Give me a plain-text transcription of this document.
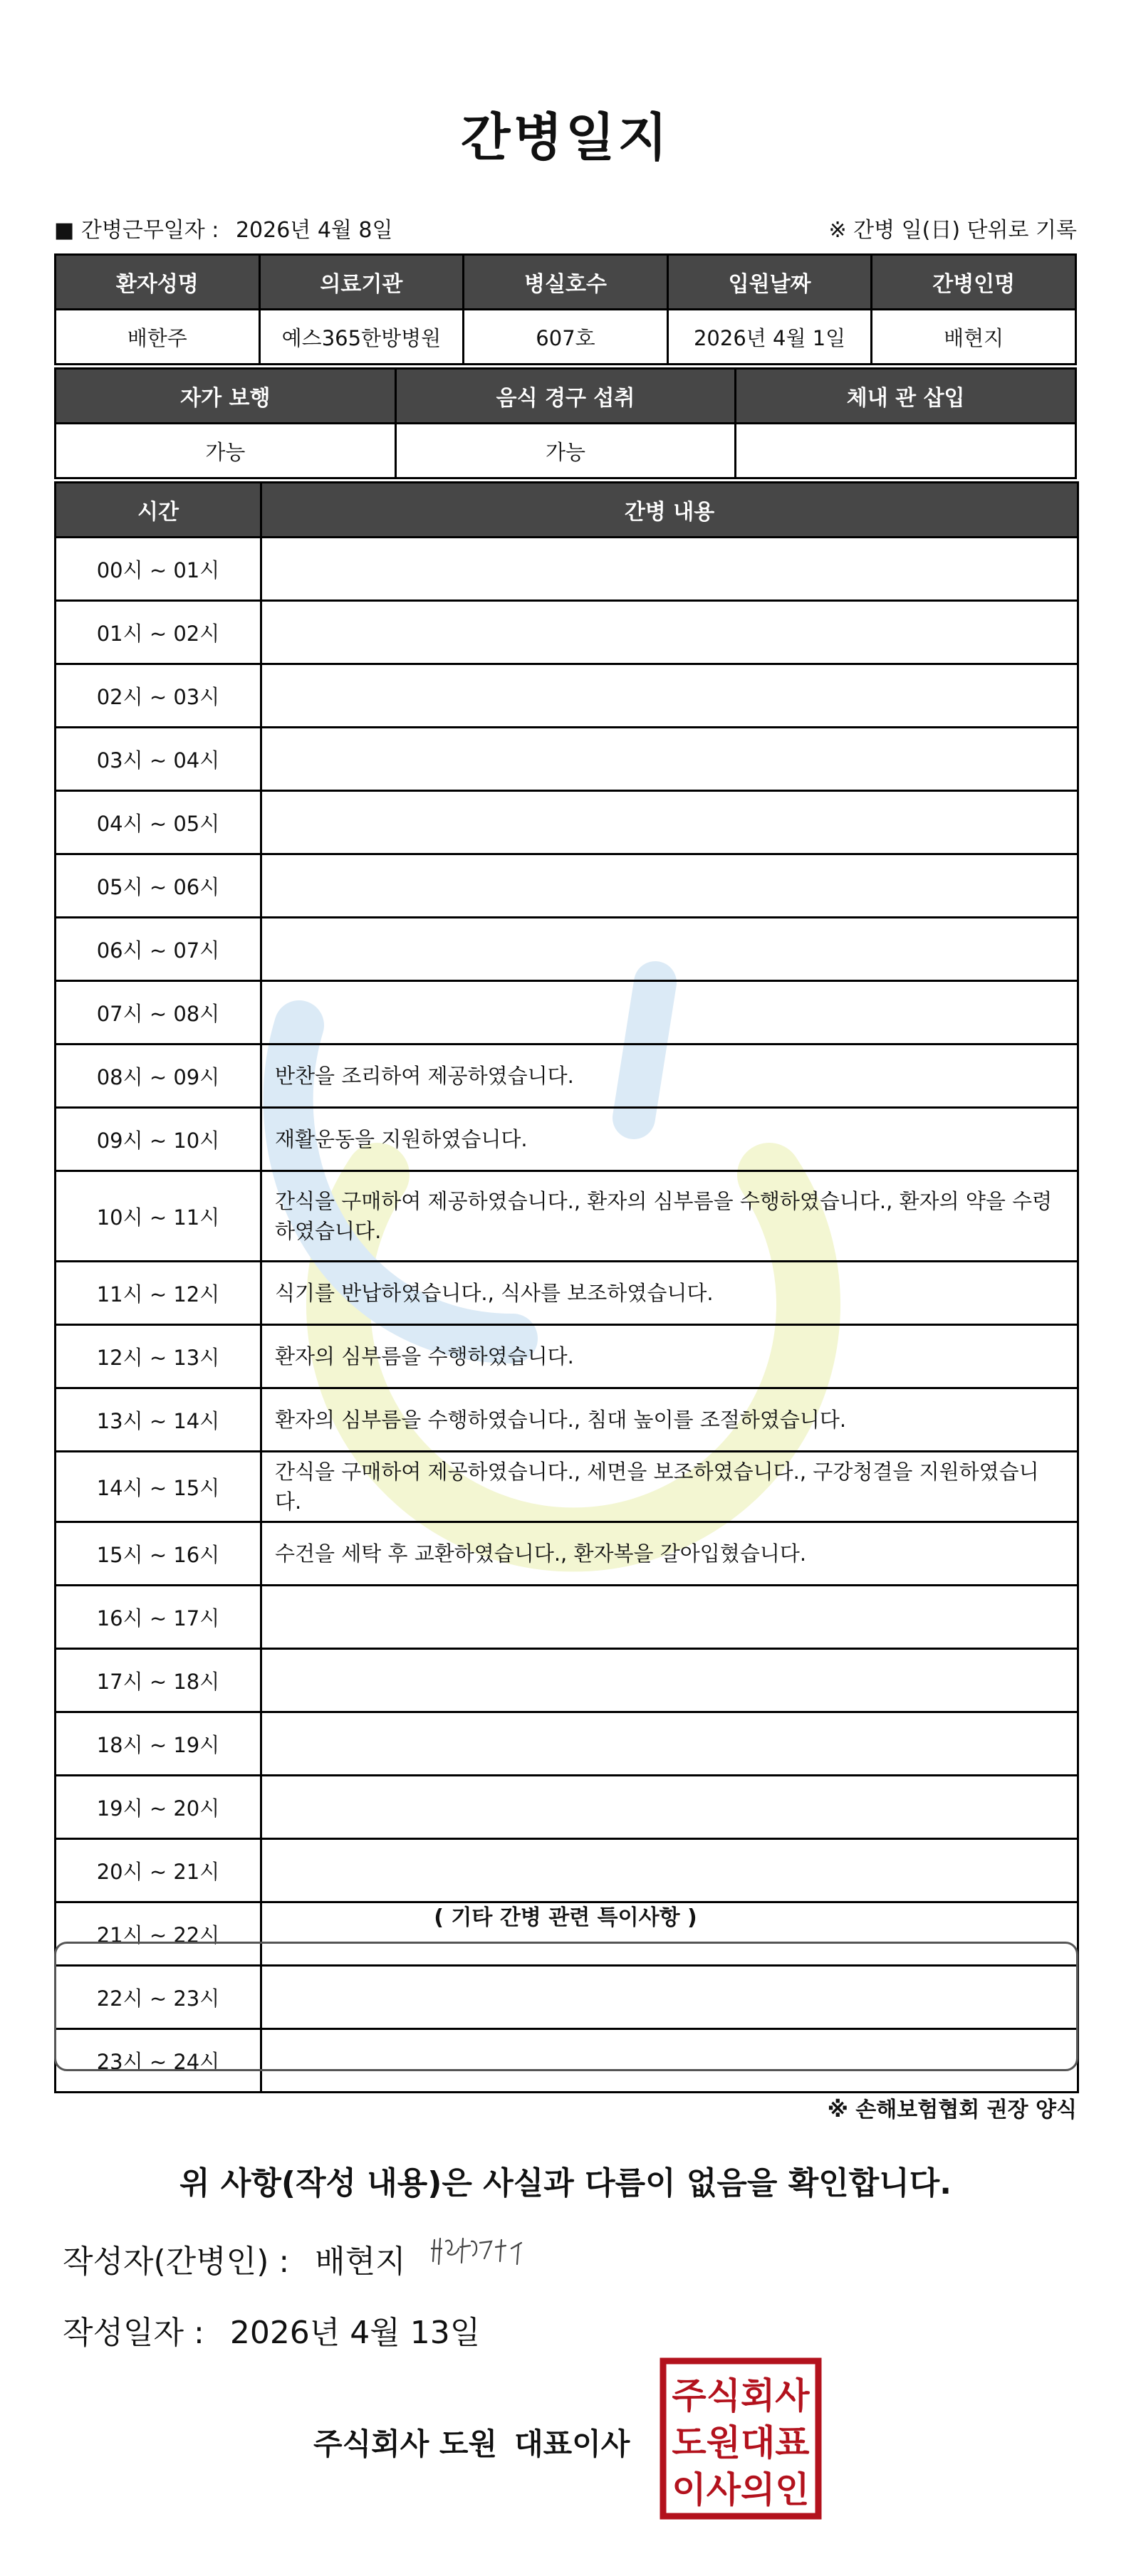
간병일지
■ 간병근무일자 : 2026년 4월 8일	※ 간병 일(日) 단위로 기록
환자성명	의료기관	병실호수	입원날짜	간병인명
배한주	예스365한방병원	607호	2026년 4월 1일	배현지
자가 보행	음식 경구 섭취	체내 관 삽입
가능	가능	
시간	간병 내용
00시 ~ 01시	
01시 ~ 02시	
02시 ~ 03시	
03시 ~ 04시	
04시 ~ 05시	
05시 ~ 06시	
06시 ~ 07시	
07시 ~ 08시	
08시 ~ 09시	반찬을 조리하여 제공하였습니다.
09시 ~ 10시	재활운동을 지원하였습니다.
10시 ~ 11시	간식을 구매하여 제공하였습니다., 환자의 심부름을 수행하였습니다., 환자의 약을 수령하였습니다.
11시 ~ 12시	식기를 반납하였습니다., 식사를 보조하였습니다.
12시 ~ 13시	환자의 심부름을 수행하였습니다.
13시 ~ 14시	환자의 심부름을 수행하였습니다., 침대 높이를 조절하였습니다.
14시 ~ 15시	간식을 구매하여 제공하였습니다., 세면을 보조하였습니다., 구강청결을 지원하였습니다.
15시 ~ 16시	수건을 세탁 후 교환하였습니다., 환자복을 갈아입혔습니다.
16시 ~ 17시	
17시 ~ 18시	
18시 ~ 19시	
19시 ~ 20시	
20시 ~ 21시	
21시 ~ 22시	
22시 ~ 23시	
23시 ~ 24시	
( 기타 간병 관련 특이사항 )
※ 손해보험협회 권장 양식
위 사항(작성 내용)은 사실과 다름이 없음을 확인합니다.
작성자(간병인) : 배현지
작성일자 : 2026년 4월 13일
주식회사 도원 대표이사
주식회사
도원대표
이사의인
